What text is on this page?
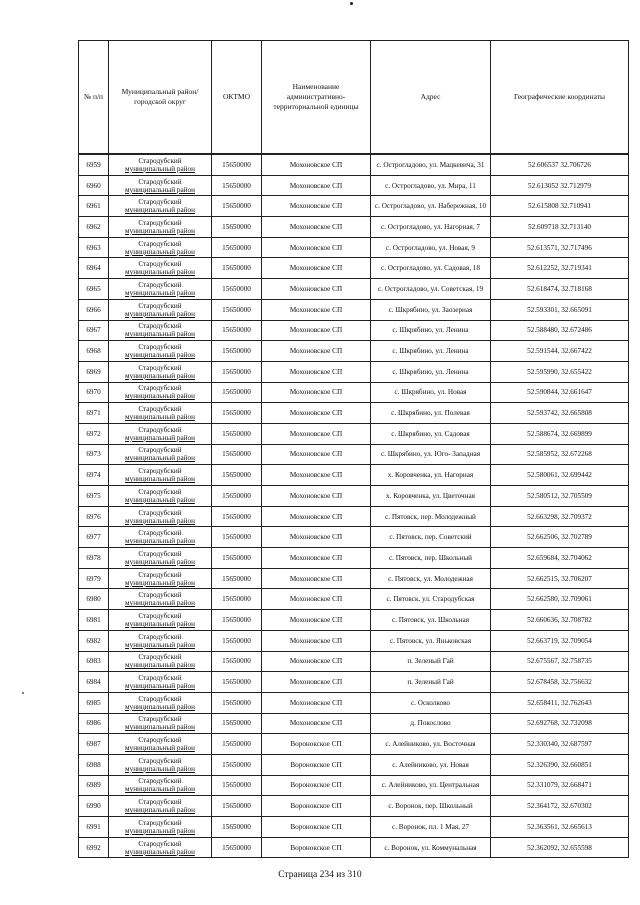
№ п/п	Муниципальный район/городской округ	ОКТМО	Наименование административно-территориальной единицы	Адрес	Географические координаты
6959	Стародубский
муниципальный район	15650000	Мохоновское СП	с. Острогладово, ул. Мацкевича, 31	52.606537 32.706726
6960	Стародубский
муниципальный район	15650000	Мохоновское СП	с. Острогладово, ул. Мира, 11	52.613052 32.712979
6961	Стародубский
муниципальный район	15650000	Мохоновское СП	с. Острогладово, ул. Набережная, 10	52.615808 32.710941
6962	Стародубский
муниципальный район	15650000	Мохоновское СП	с. Острогладово, ул. Нагорная, 7	52.609718 32.713140
6963	Стародубский
муниципальный район	15650000	Мохоновское СП	с. Острогладово, ул. Новая, 9	52.613571, 32.717496
6964	Стародубский
муниципальный район	15650000	Мохоновское СП	с. Острогладово, ул. Садовая, 18	52.612252, 32.719341
6965	Стародубский
муниципальный район	15650000	Мохоновское СП	с. Острогладово, ул. Советская, 19	52.618474, 32.718168
6966	Стародубский
муниципальный район	15650000	Мохоновское СП	с. Шкрябино, ул. Заозерная	52.593301, 32.665091
6967	Стародубский
муниципальный район	15650000	Мохоновское СП	с. Шкрябино, ул. Ленина	52.588480, 32.672486
6968	Стародубский
муниципальный район	15650000	Мохоновское СП	с. Шкрябино, ул. Ленина	52.591544, 32.667422
6969	Стародубский
муниципальный район	15650000	Мохоновское СП	с. Шкрябино, ул. Ленина	52.595990, 32.655422
6970	Стародубский
муниципальный район	15650000	Мохоновское СП	с. Шкрябино, ул. Новая	52.590844, 32.661647
6971	Стародубский
муниципальный район	15650000	Мохоновское СП	с. Шкрябино, ул. Полевая	52.593742, 32.665808
6972	Стародубский
муниципальный район	15650000	Мохоновское СП	с. Шкрябино, ул. Садовая	52.588674, 32.669899
6973	Стародубский
муниципальный район	15650000	Мохоновское СП	с. Шкрябино, ул. Юго- Западная	52.585952, 32.672268
6974	Стародубский
муниципальный район	15650000	Мохоновское СП	х. Коровченка, ул. Нагорная	52.580061, 32.699442
6975	Стародубский
муниципальный район	15650000	Мохоновское СП	х. Коровченка, ул. Цветочная	52.580512, 32.705509
6976	Стародубский
муниципальный район	15650000	Мохоновское СП	с. Пятовск, пер. Молодежный	52.663298, 32.709372
6977	Стародубский
муниципальный район	15650000	Мохоновское СП	с. Пятовск, пер. Советский	52.662506, 32.702789
6978	Стародубский
муниципальный район	15650000	Мохоновское СП	с. Пятовск, пер. Школьный	52.659684, 32.704062
6979	Стародубский
муниципальный район	15650000	Мохоновское СП	с. Пятовск, ул. Молодежная	52.662515, 32.706207
6980	Стародубский
муниципальный район	15650000	Мохоновское СП	с. Пятовск, ул. Стародубская	52.662580, 32.709061
6981	Стародубский
муниципальный район	15650000	Мохоновское СП	с. Пятовск, ул. Школьная	52.660636, 32.708782
6982	Стародубский
муниципальный район	15650000	Мохоновское СП	с. Пятовск, ул. Яньковская	52.663719, 32.709054
6983	Стародубский
муниципальный район	15650000	Мохоновское СП	п. Зеленый Гай	52.675567, 32.758735
6984	Стародубский
муниципальный район	15650000	Мохоновское СП	п. Зеленый Гай	52.678458, 32.756632
6985	Стародубский
муниципальный район	15650000	Мохоновское СП	с. Осколково	52.658411, 32.762643
6986	Стародубский
муниципальный район	15650000	Мохоновское СП	д. Покослово	52.692768, 32.732098
6987	Стародубский
муниципальный район	15650000	Воронокское СП	с. Алейниково, ул. Восточная	52.330340, 32.687597
6988	Стародубский
муниципальный район	15650000	Воронокское СП	с. Алейниково, ул. Новая	52.326390, 32.660851
6989	Стародубский
муниципальный район	15650000	Воронокское СП	с. Алейниково, ул. Центральная	52.331079, 32.668471
6990	Стародубский
муниципальный район	15650000	Воронокское СП	с. Воронок, пер. Школьный	52.364172, 32.670302
6991	Стародубский
муниципальный район	15650000	Воронокское СП	с. Воронок, пл. 1 Мая, 27	52.363561, 32.665613
6992	Стародубский
муниципальный район	15650000	Воронокское СП	с. Воронок, ул. Коммунальная	52.362092, 32.655598
Страница 234 из 310
